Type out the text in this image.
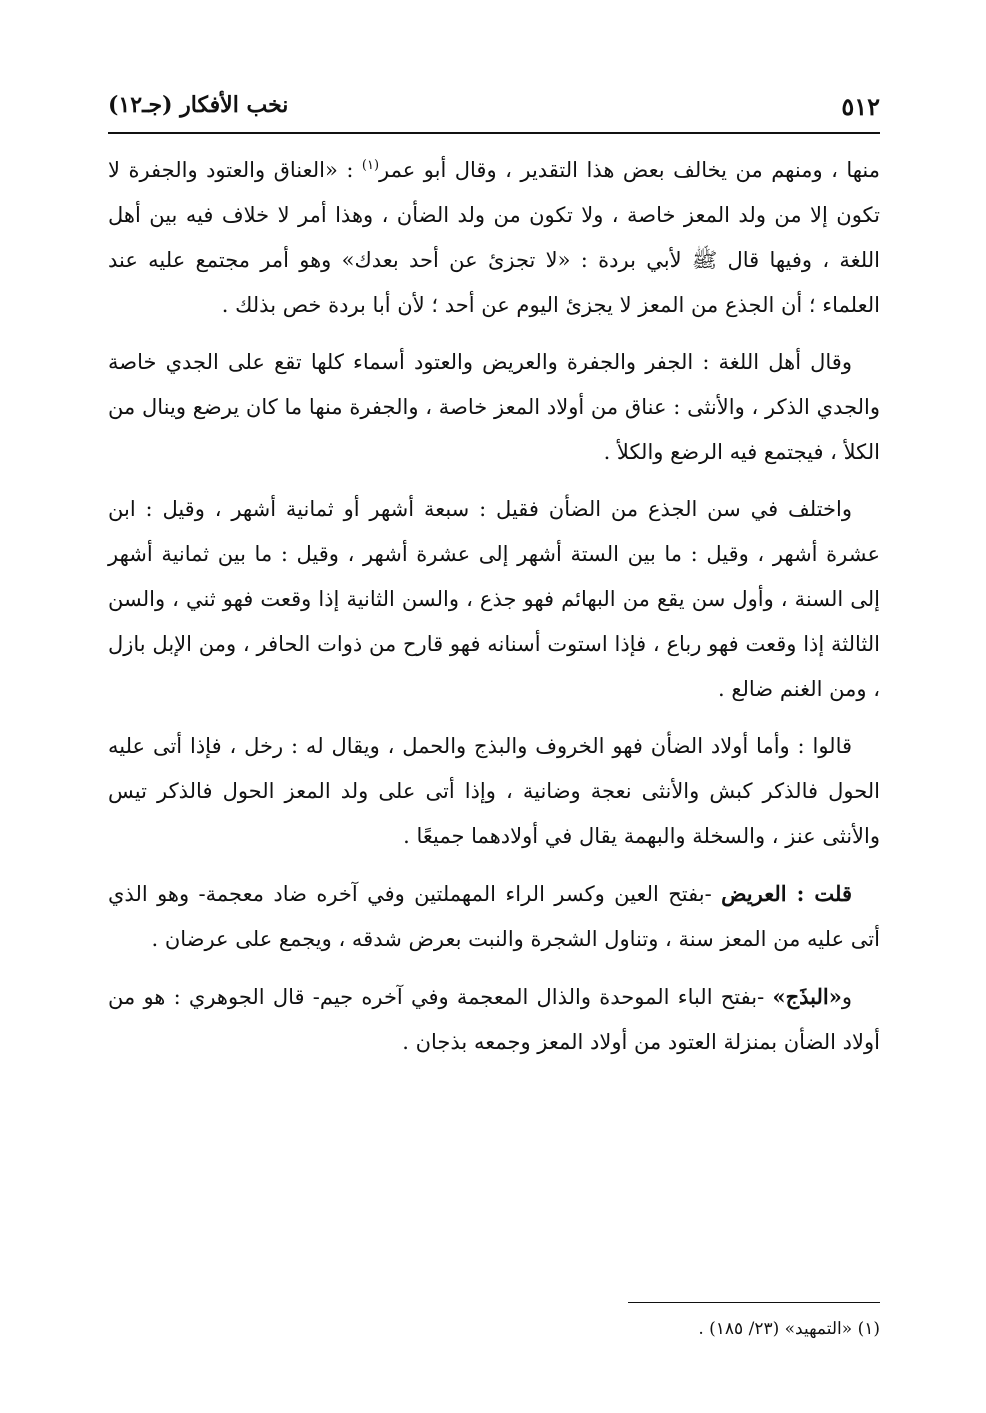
٥١٢
نخب الأفكار (جـ١٢)

منها ، ومنهم من يخالف بعض هذا التقدير ، وقال أبو عمر$^{(١)}$ : «العناق والعتود والجفرة لا تكون إلا من ولد المعز خاصة ، ولا تكون من ولد الضأن ، وهذا أمر لا خلاف فيه بين أهل اللغة ، وفيها قال ﷺ لأبي بردة : «لا تجزئ عن أحد بعدك» وهو أمر مجتمع عليه عند العلماء ؛ أن الجذع من المعز لا يجزئ اليوم عن أحد ؛ لأن أبا بردة خص بذلك .

وقال أهل اللغة : الجفر والجفرة والعريض والعتود أسماء كلها تقع على الجدي خاصة والجدي الذكر ، والأنثى : عناق من أولاد المعز خاصة ، والجفرة منها ما كان يرضع وينال من الكلأ ، فيجتمع فيه الرضع والكلأ .

واختلف في سن الجذع من الضأن فقيل : سبعة أشهر أو ثمانية أشهر ، وقيل : ابن عشرة أشهر ، وقيل : ما بين الستة أشهر إلى عشرة أشهر ، وقيل : ما بين ثمانية أشهر إلى السنة ، وأول سن يقع من البهائم فهو جذع ، والسن الثانية إذا وقعت فهو ثني ، والسن الثالثة إذا وقعت فهو رباع ، فإذا استوت أسنانه فهو قارح من ذوات الحافر ، ومن الإبل بازل ، ومن الغنم ضالع .

قالوا : وأما أولاد الضأن فهو الخروف والبذج والحمل ، ويقال له : رخل ، فإذا أتى عليه الحول فالذكر كبش والأنثى نعجة وضانية ، وإذا أتى على ولد المعز الحول فالذكر تيس والأنثى عنز ، والسخلة والبهمة يقال في أولادهما جميعًا .

قلت : العريض -بفتح العين وكسر الراء المهملتين وفي آخره ضاد معجمة- وهو الذي أتى عليه من المعز سنة ، وتناول الشجرة والنبت بعرض شدقه ، ويجمع على عرضان .

و«البذَج» -بفتح الباء الموحدة والذال المعجمة وفي آخره جيم- قال الجوهري : هو من أولاد الضأن بمنزلة العتود من أولاد المعز وجمعه بذجان .

(١) «التمهيد» (٢٣/ ١٨٥) .
